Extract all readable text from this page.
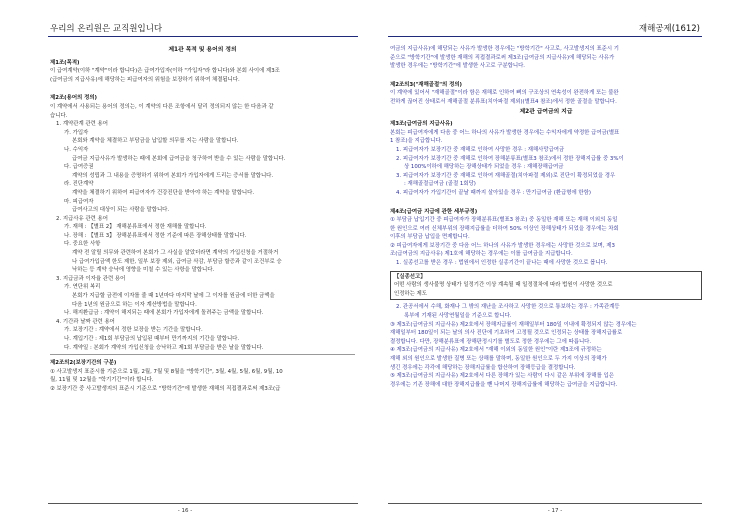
우리의 온리원은 교직원입니다
제1관 목적 및 용어의 정의
제1조(목적)
이 급여계약(이하 "계약"이라 합니다)은 급여가입자(이하 "가입자"라 합니다)와 본회 사이에 제3조
(급여금의 지급사유)에 해당하는 피급여자의 위험을 보장하기 위하여 체결됩니다.
제2조(용어의 정의)
이 계약에서 사용되는 용어의 정의는, 이 계약의 다른 조항에서 달리 정의되지 않는 한 다음과 같
습니다.
1. 계약관계 관련 용어
가. 가입자
본회와 계약을 체결하고 부담금을 납입할 의무를 지는 사람을 말합니다.
나. 수익자
급여금 지급사유가 발생하는 때에 본회에 급여금을 청구하여 받을 수 있는 사람을 말합니다.
다. 급여증권
계약의 성립과 그 내용을 증명하기 위하여 본회가 가입자에게 드리는 증서를 말합니다.
라. 진단계약
계약을 체결하기 위하여 피급여자가 건강진단을 받아야 하는 계약을 말합니다.
마. 피급여자
급여사고의 대상이 되는 사람을 말합니다.
2. 지급사유 관련 용어
가. 재해 : 【별표 2】 재해분류표에서 정한 재해를 말합니다.
나. 장해 : 【별표 3】 장해분류표에서 정한 기준에 따른 장해상태를 말합니다.
다. 중요한 사항
계약 전 알릴 의무와 관련하여 본회가 그 사실을 알았더라면 계약의 가입신청을 거절하거
나 급여가입금액 한도 제한, 일부 보장 제외, 급여금 삭감, 부담금 할증과 같이 조건부로 승
낙하는 등 계약 승낙에 영향을 미칠 수 있는 사항을 말합니다.
3. 지급금과 이자율 관련 용어
가. 연단위 복리
본회가 지급할 금전에 이자를 줄 때 1년마다 마지막 날에 그 이자를 원금에 더한 금액을
다음 1년의 원금으로 하는 이자 계산방법을 말합니다.
나. 해지환급금 : 계약이 해지되는 때에 본회가 가입자에게 돌려주는 금액을 말합니다.
4. 기간과 날짜 관련 용어
가. 보장기간 : 계약에서 정한 보장을 받는 기간을 말합니다.
나. 계입기간 : 제1회 부담금의 납입된 때부터 만기까지의 기간을 말합니다.
다. 계약일 : 본회가 계약의 가입신청을 승낙하고 제1회 부담금을 받은 날을 말합니다.
제2조의2(보장기간의 구분)
① 사고발생지 표준시를 기준으로 1월, 2월, 7월 및 8월을 "방학기간", 3월, 4월, 5월, 6월, 9월, 10
월, 11월 및 12월을 "학기기간"이라 합니다.
② 보장기간 중 사고발생지의 표준시 기준으로 "방학기간"에 발생한 재해의 직접결과로써 제3조(급
- 16 -
재해공제(1612)
여금의 지급사유)에 해당되는 사유가 발생한 경우에는 "방학기간" 사고로, 사고발생지의 표준시 기
준으로 "방학기간"에 발생한 재해의 직접결과로써 제3조(급여금의 지급사유)에 해당되는 사유가
발생한 경우에는 "방학기간"에 발생한 사고로 구분합니다.
제2조의3("재해골절"의 정의)
이 계약에 있어서 "재해골절"이라 함은 재해로 인하여 뼈의 구조상의 연속성이 완전하게 또는 불완
전하게 끊어진 상태로서 재해골절 분류표(치아파절 제외)(별표4 참조)에서 정한 골절을 말합니다.
제2관 급여금의 지급
제3조(급여금의 지급사유)
본회는 피급여자에게 다음 중 어느 하나의 사유가 발생한 경우에는 수익자에게 약정한 급여금(별표
1 참조)을 지급합니다.
1. 피급여자가 보장기간 중 재해로 인하여 사망한 경우 : 재해사망급여금
2. 피급여자가 보장기간 중 재해로 인하여 장해분류표(별표3 참조)에서 정한 장해지급률 중 3%이
상 100%이하에 해당하는 장해상태가 되었을 경우 : 재해장해급여금
3. 피급여자가 보장기간 중 재해로 인하여 재해골절(치아파절 제외)로 진단이 확정되었을 경우
: 재해골절급여금 (골절 1회당)
4. 피급여자가 가입기간이 끝날 때까지 살아있을 경우 : 만기급여금 (환급형에 한함)
제4조(급여금 지급에 관한 세부규정)
① 부담금 납입기간 중 피급여자가 장해분류표(별표3 참조) 중 동일한 재해 또는 재해 이외의 동일
한 원인으로 여러 신체부위의 장해지급률을 더하여 50% 이상인 장해상태가 되었을 경우에는 차회
이후의 부담금 납입을 면제합니다.
② 피급여자에게 보장기간 중 다음 어느 하나의 사유가 발생한 경우에는 사망한 것으로 보며, 제3
조(급여금의 지급사유) 제1호에 해당하는 경우에는 이를 급여금을 지급합니다.
1. 실종선고를 받은 경우 : 법원에서 인정한 실종기간이 끝나는 때에 사망한 것으로 봅니다.
【실종선고】
어떤 사람의 생사불명 상태가 일정기간 이상 계속될 때 일정절차에 따라 법원이 사망한 것으로
인정하는 제도
2. 관공서에서 수해, 화재나 그 밖의 재난을 조사하고 사망한 것으로 통보하는 경우 : 가족관계등
록부에 기재된 사망연월일을 기준으로 합니다.
③ 제3조(급여금의 지급사유) 제2호에서 장해지급률이 재해일부터 180일 이내에 확정되지 않는 경우에는
재해일부터 180일이 되는 날의 의사 진단에 기초하여 고정될 것으로 인정되는 상태를 장해지급률로
결정합니다. 다만, 장해분류표에 장해판정시기를 별도로 정한 경우에는 그에 따릅니다.
④ 제3조(급여금의 지급사유) 제2호에서 "재해 이외의 동일한 원인"이란 제3조에 규정하는
재해 외의 원인으로 발생한 질병 또는 상해를 말하며, 동일한 원인으로 두 가지 이상의 장해가
생긴 경우에는 각각에 해당하는 장해지급률을 합산하여 장해등급을 결정합니다.
⑤ 제3조(급여금의 지급사유) 제2호에서 다른 장해가 있는 사람이 다시 같은 부위에 장해를 입은
경우에는 기존 장해에 대한 장해지급률을 뺀 나머지 장해지급률에 해당하는 급여금을 지급합니다.
- 17 -
